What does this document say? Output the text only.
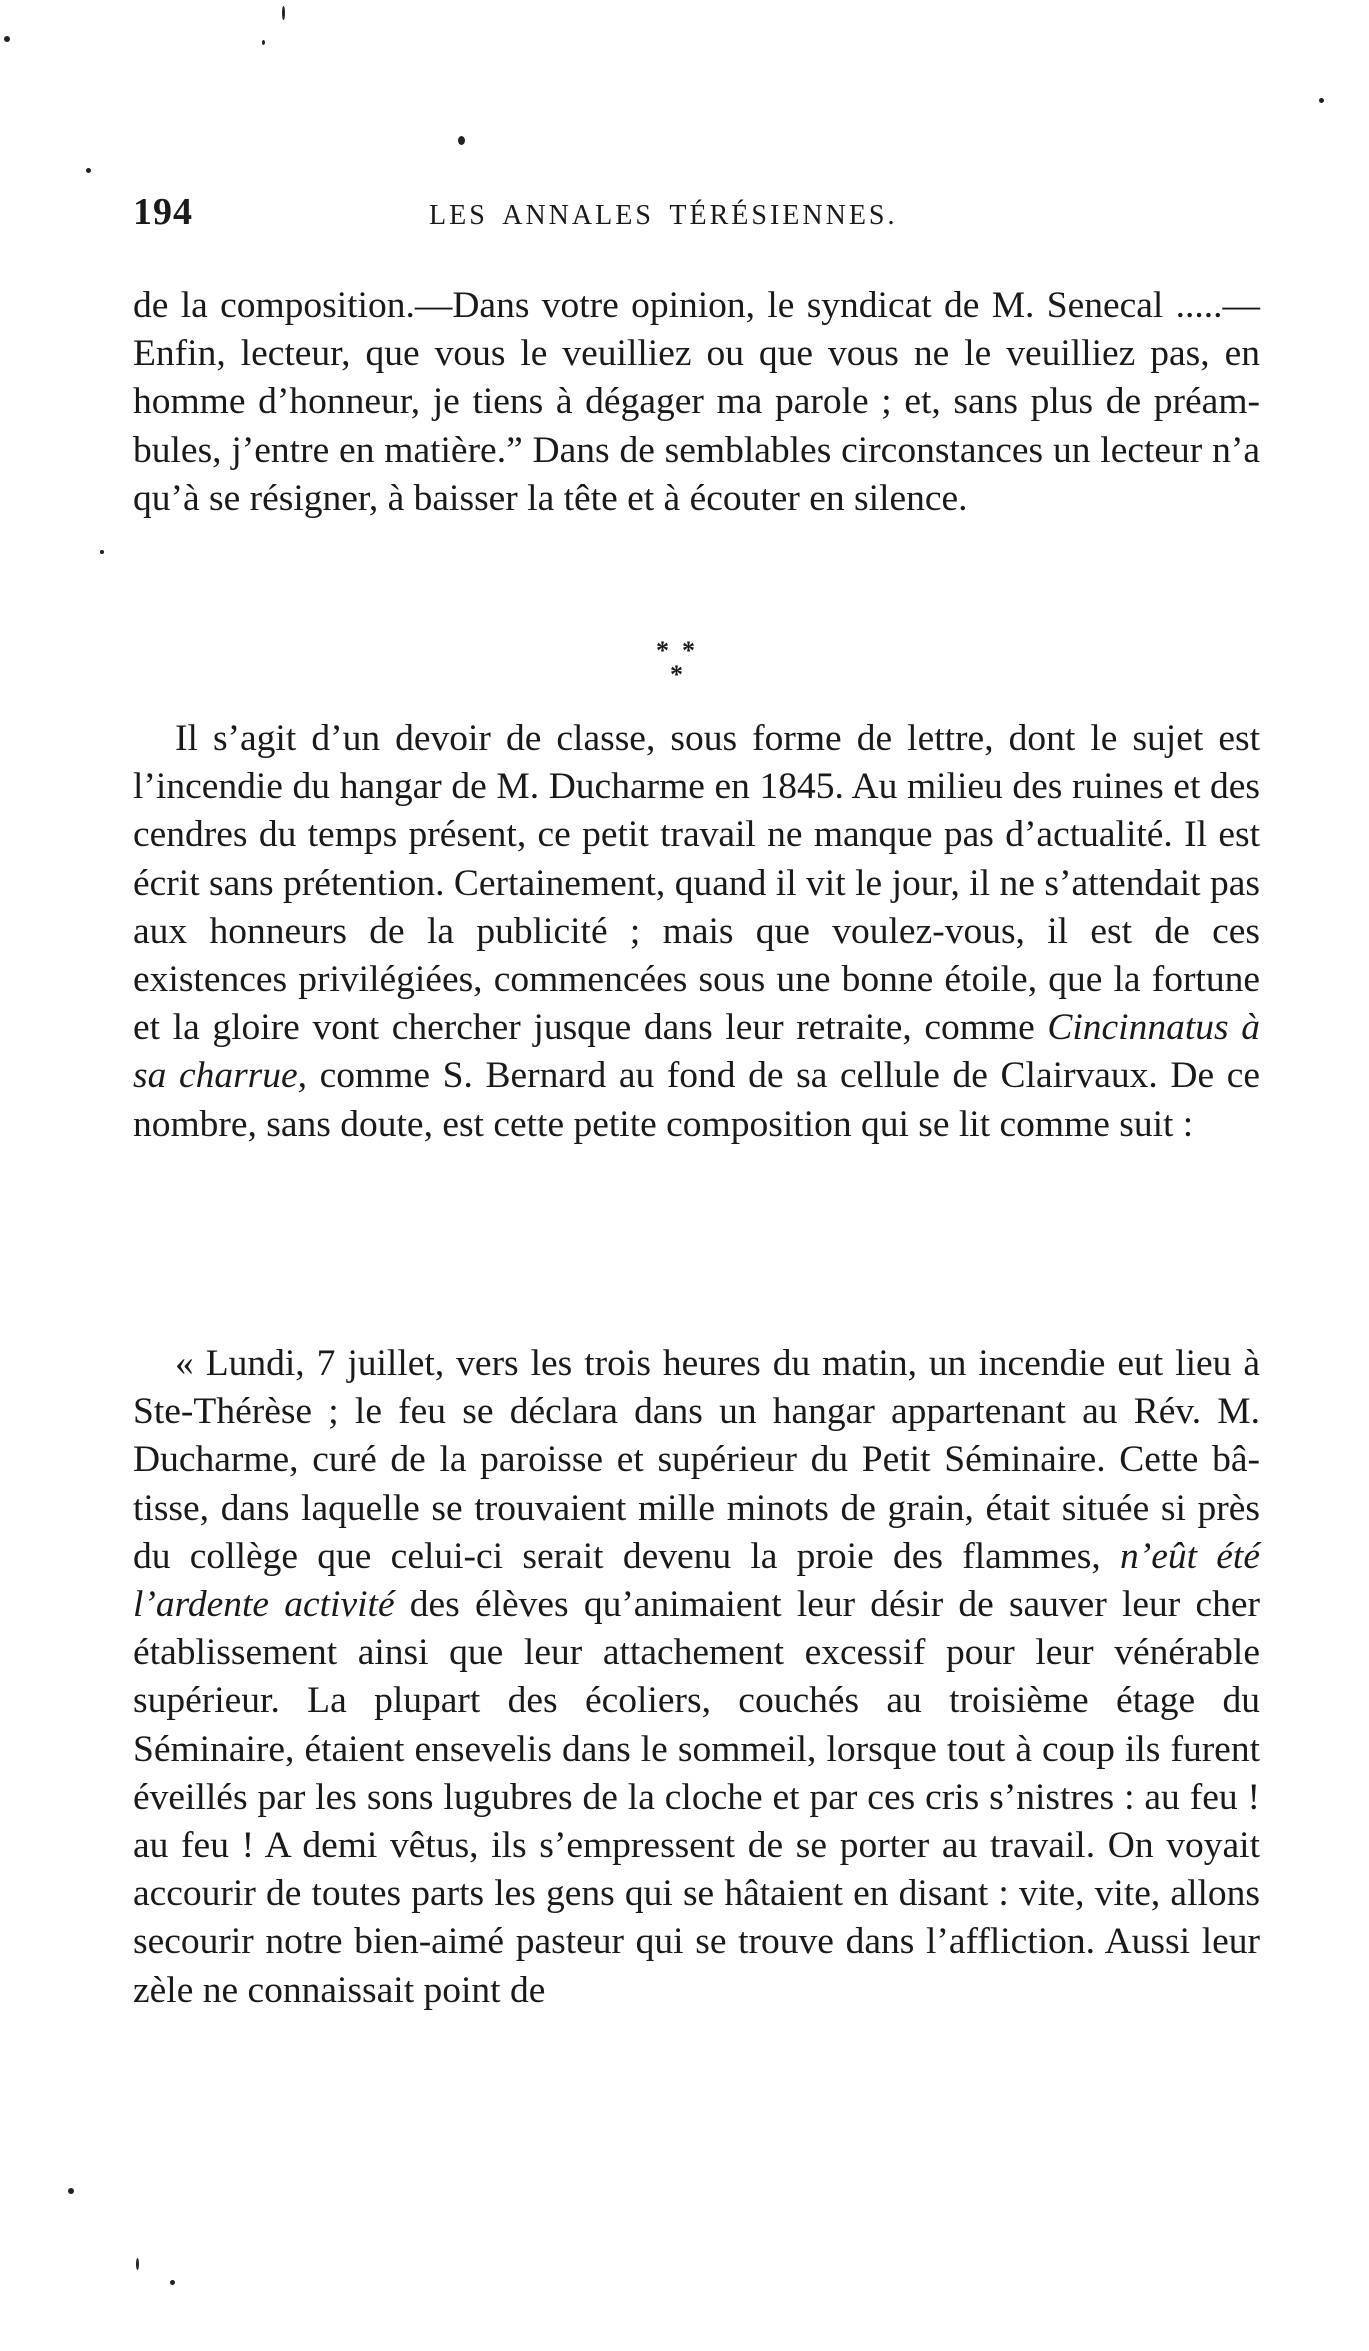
194	LES ANNALES TÉRÉSIENNES.

de la composition.—Dans votre opinion, le syndicat de M. Senecal .....—Enfin, lecteur, que vous le veuilliez ou que vous ne le veuilliez pas, en homme d’honneur, je tiens à dégager ma parole ; et, sans plus de préambules, j’entre en matière.” Dans de semblables circonstances un lecteur n’a qu’à se résigner, à baisser la tête et à écouter en silence.

* *
*

Il s’agit d’un devoir de classe, sous forme de lettre, dont le sujet est l’incendie du hangar de M. Ducharme en 1845. Au milieu des ruines et des cendres du temps présent, ce petit travail ne manque pas d’actualité. Il est écrit sans prétention. Certainement, quand il vit le jour, il ne s’attendait pas aux honneurs de la publicité ; mais que voulez-vous, il est de ces existences privilégiées, commencées sous une bonne étoile, que la fortune et la gloire vont chercher jusque dans leur retraite, comme Cincinnatus à sa charrue, comme S. Bernard au fond de sa cellule de Clairvaux. De ce nombre, sans doute, est cette petite composition qui se lit comme suit :

« Lundi, 7 juillet, vers les trois heures du matin, un incendie eut lieu à Ste-Thérèse ; le feu se déclara dans un hangar appartenant au Rév. M. Ducharme, curé de la paroisse et supérieur du Petit Séminaire. Cette bâtisse, dans laquelle se trouvaient mille minots de grain, était située si près du collège que celui-ci serait devenu la proie des flammes, n’eût été l’ardente activité des élèves qu’animaient leur désir de sauver leur cher établissement ainsi que leur attachement excessif pour leur vénérable supérieur. La plupart des écoliers, couchés au troisième étage du Séminaire, étaient ensevelis dans le sommeil, lorsque tout à coup ils furent éveillés par les sons lugubres de la cloche et par ces cris s’nistres : au feu ! au feu ! A demi vêtus, ils s’empressent de se porter au travail. On voyait accourir de toutes parts les gens qui se hâtaient en disant : vite, vite, allons secourir notre bien-aimé pasteur qui se trouve dans l’affliction. Aussi leur zèle ne connaissait point de
